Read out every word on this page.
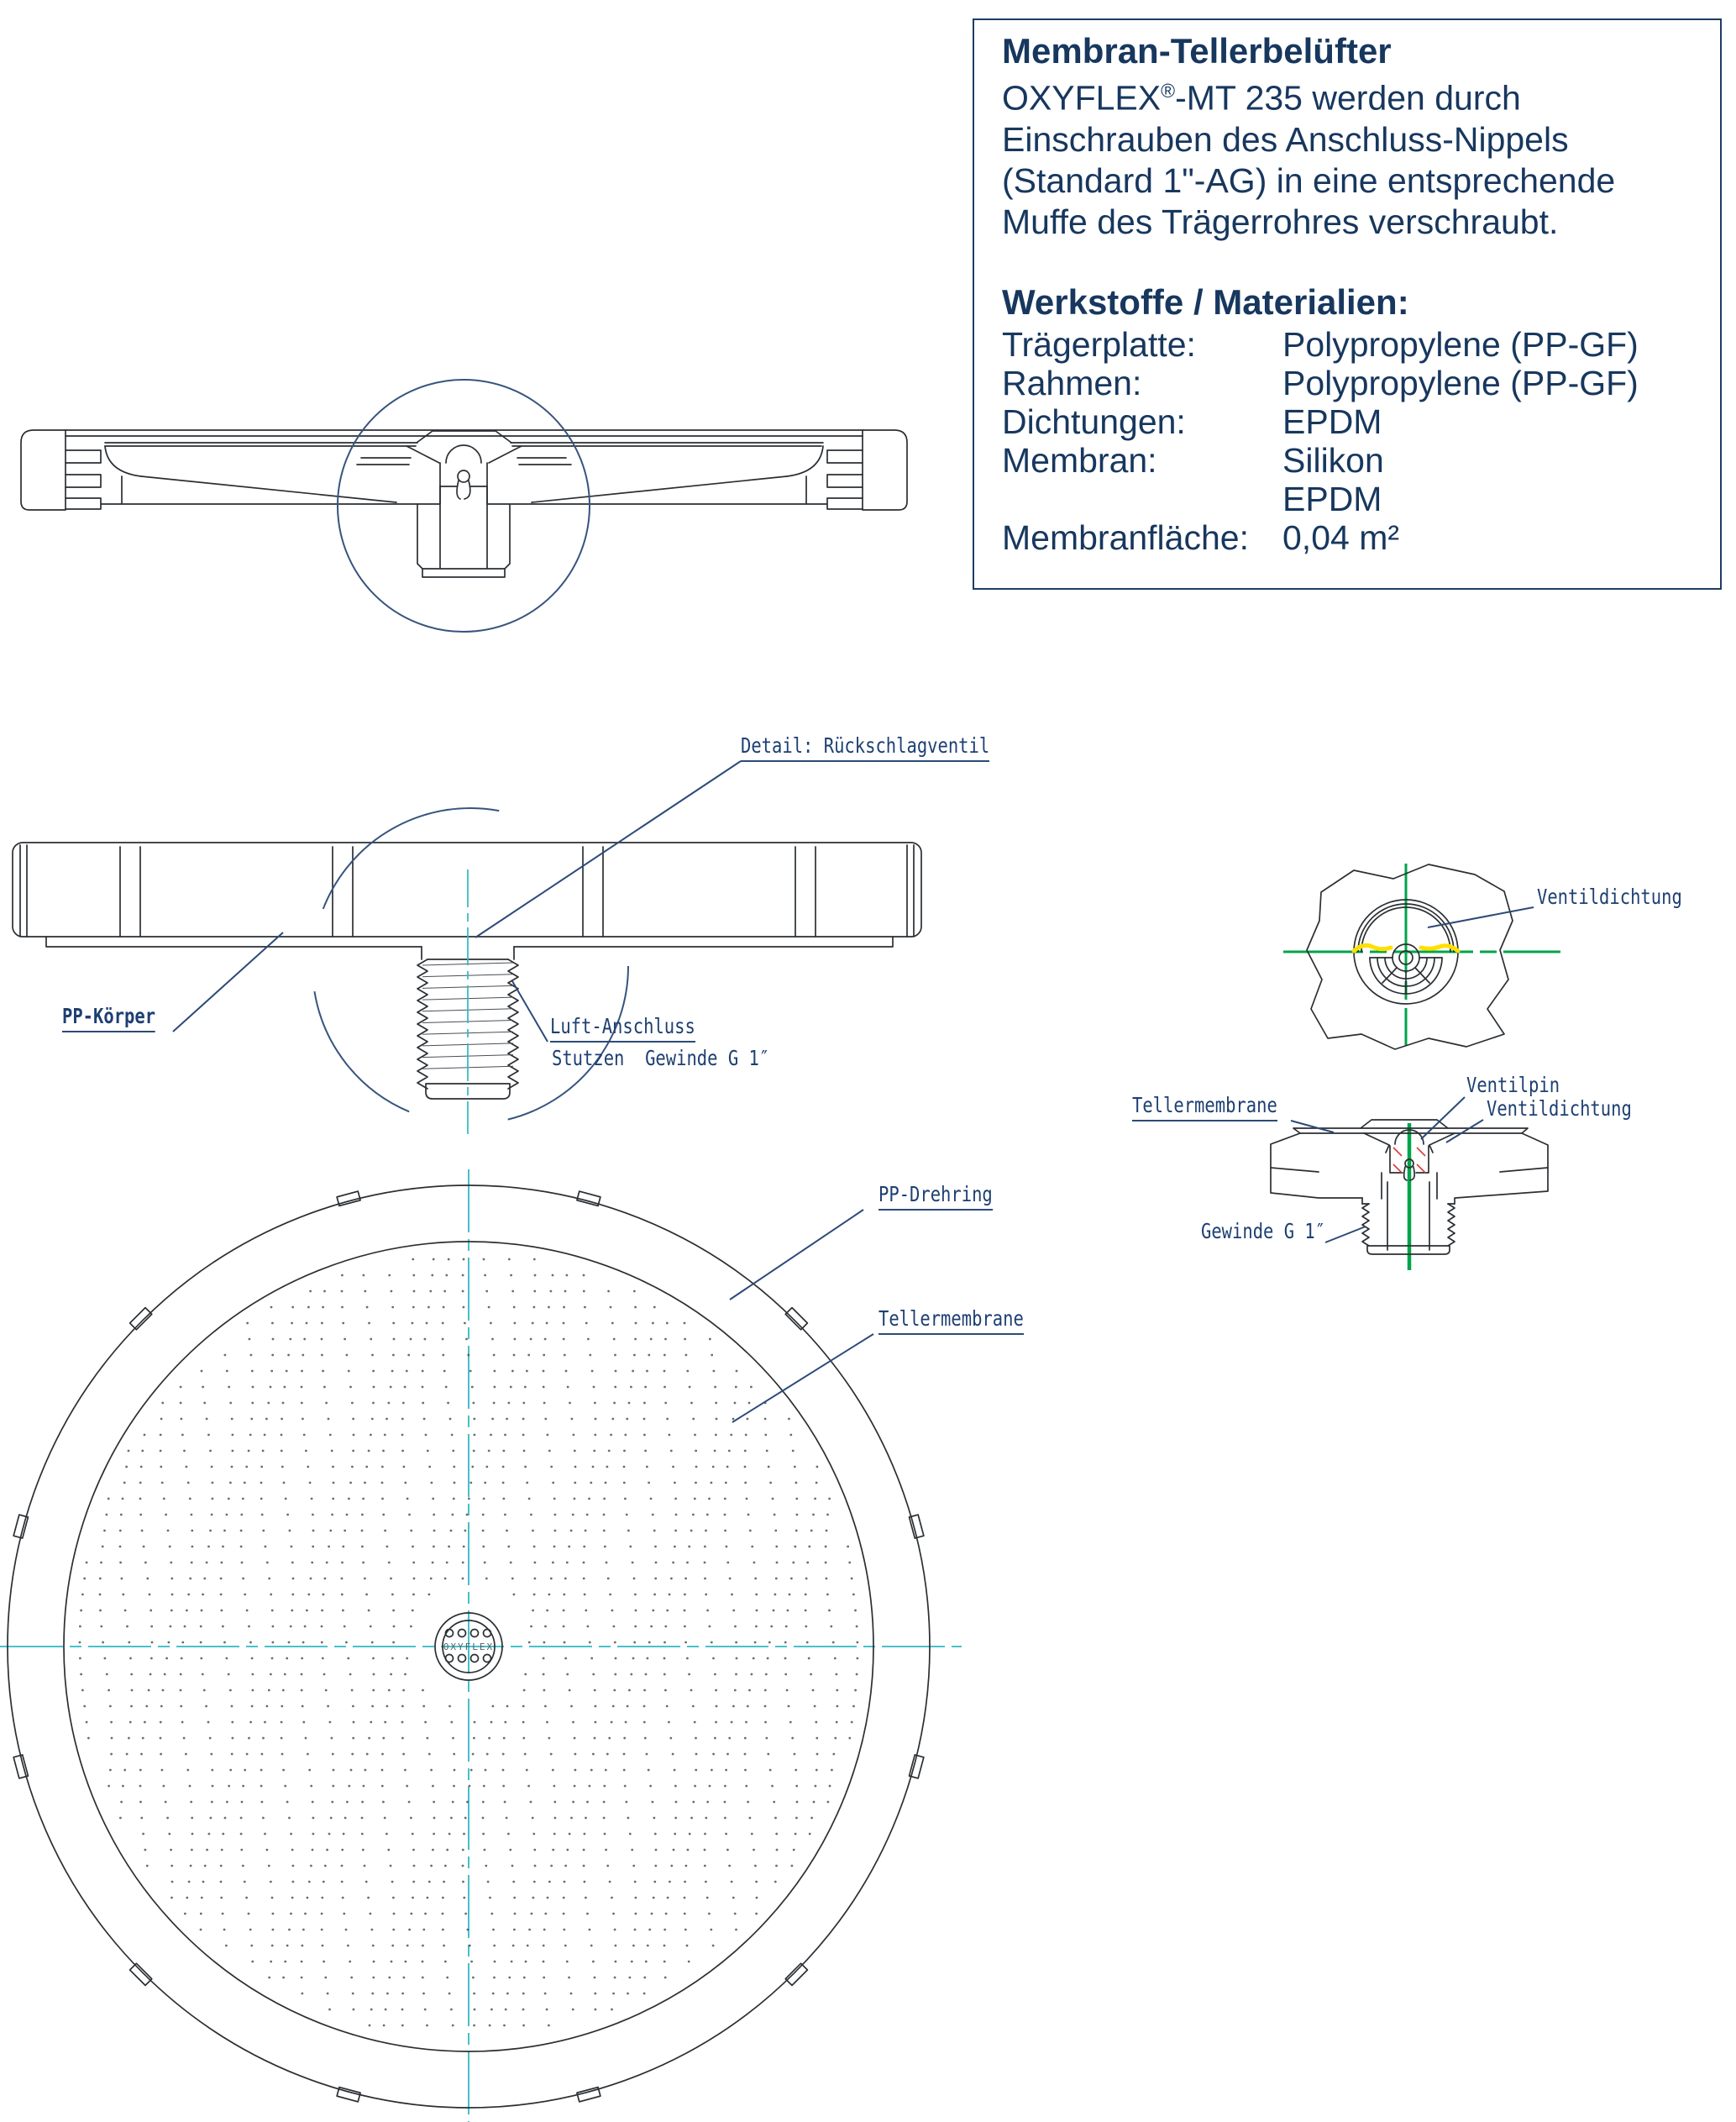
OXYFLEX
Membran-Tellerbelüfter
OXYFLEX®-MT 235 werden durch
Einschrauben des Anschluss-Nippels
(Standard 1"-AG) in eine entsprechende
Muffe des Trägerrohres verschraubt.
Werkstoffe / Materialien:
Trägerplatte:	Polypropylene (PP-GF)
Rahmen:	Polypropylene (PP-GF)
Dichtungen:	EPDM
Membran:	Silikon
EPDM
Membranfläche: 0,04 m²
Detail: Rückschlagventil
PP-Körper	Luft-Anschluss
Stutzen  Gewinde G 1″
Ventildichtung
Tellermembrane
Ventilpin
Ventildichtung
Gewinde G 1″
PP-Drehring
Tellermembrane
